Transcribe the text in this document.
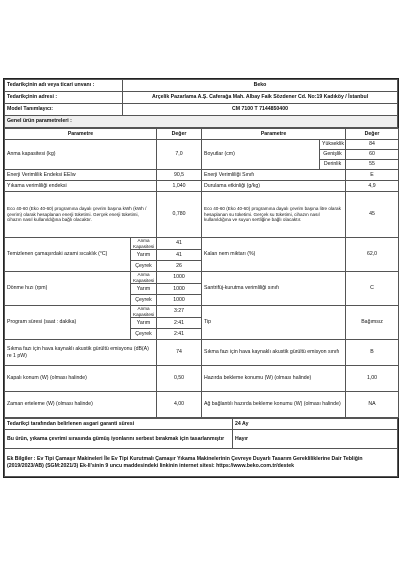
Tedarikçinin adı veya ticari unvanı :	Beko
Tedarikçinin adresi :	Arçelik Pazarlama A.Ş. Caferağa Mah. Albay Faik Sözdener Cd. No:19 Kadıköy / İstanbul
Model Tanımlayıcı:	CM 7100 T 7144850400
Genel ürün parametreleri :	
Parametre		Değer	Parametre		Değer
Anma kapasitesi (kg)		7,0	Boyutlar (cm)	Yükseklik	84
				Genişlik	60
				Derinlik	55
Enerji Verimlilik Endeksi EEIw		90,5	Enerji Verimliliği Sınıfı		E
Yıkama verimliliği endeksi		1,040	Durulama etkinliği (g/kg)		4,9
Eco 40-60 (Eko 40-60) programına dayalı çevrim başına kWh (kWh / çevrim) olarak hesaplanan enerji tüketimi. Gerçek enerji tüketimi, cihazın nasıl kullanıldığına bağlı olacaktır.		0,780	Eco 40-60 (Eko 40-60) programına dayalı çevrim başına litre olarak hesaplanan su tüketimi. Gerçek su tüketimi, cihazın nasıl kullanıldığına ve suyun sertliğine bağlı olacaktır.		45
Temizlenen çamaşırdaki azami sıcaklık (°C)	Anma Kapasitesi	41	Kalan nem miktarı (%)		62,0
	Yarım	41			
	Çeyrek	26			
Dönme hızı (rpm)	Anma Kapasitesi	1000	Santrifüj-kurutma verimliliği sınıfı		C
	Yarım	1000			
	Çeyrek	1000			
Program süresi (saat : dakika)	Anma Kapasitesi	3:27	Tip		Bağımsız
	Yarım	2:41			
	Çeyrek	2:41			
Sıkma fazı için hava kaynaklı akustik gürültü emisyonu (dB(A) re 1 pW)		74	Sıkma fazı için hava kaynaklı akustik gürültü emisyon sınıfı		B
Kapalı konum (W) (olması halinde)		0,50	Hazırda bekleme konumu (W) (olması halinde)		1,00
Zaman erteleme (W) (olması halinde)		4,00	Ağ bağlantılı hazırda bekleme konumu (W) (olması halinde)		NA
Tedarikçi tarafından belirlenen asgari garanti süresi	24 Ay
Bu ürün, yıkama çevrimi sırasında gümüş iyonlarını serbest bırakmak için tasarlanmıştır	Hayır
Ek Bilgiler : Ev Tipi Çamaşır Makineleri İle Ev Tipi Kurutmalı Çamaşır Yıkama Makinelerinin Çevreye Duyarlı Tasarım Gerekliliklerine Dair Tebliğin (2019/2023/AB) (SGM:2021/3) Ek-II'sinin 9 uncu maddesindeki linkinin internet sitesi: https://www.beko.com.tr/destek	
